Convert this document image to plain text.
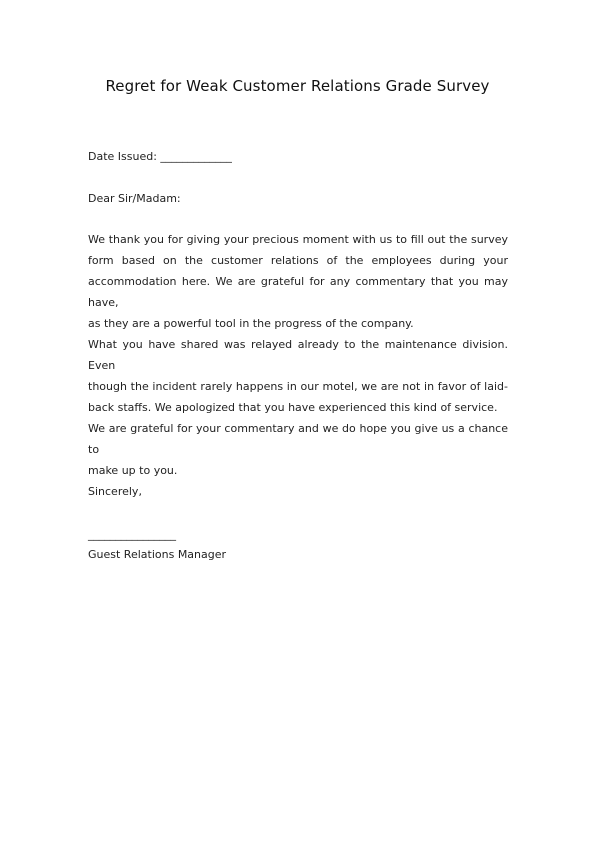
Regret for Weak Customer Relations Grade Survey
Date Issued: _____________
Dear Sir/Madam:
We thank you for giving your precious moment with us to fill out the survey
form based on the customer relations of the employees during your
accommodation here. We are grateful for any commentary that you may have,
as they are a powerful tool in the progress of the company.
What you have shared was relayed already to the maintenance division. Even
though the incident rarely happens in our motel, we are not in favor of laid-
back staffs. We apologized that you have experienced this kind of service.
We are grateful for your commentary and we do hope you give us a chance to
make up to you.
Sincerely,
________________
Guest Relations Manager
